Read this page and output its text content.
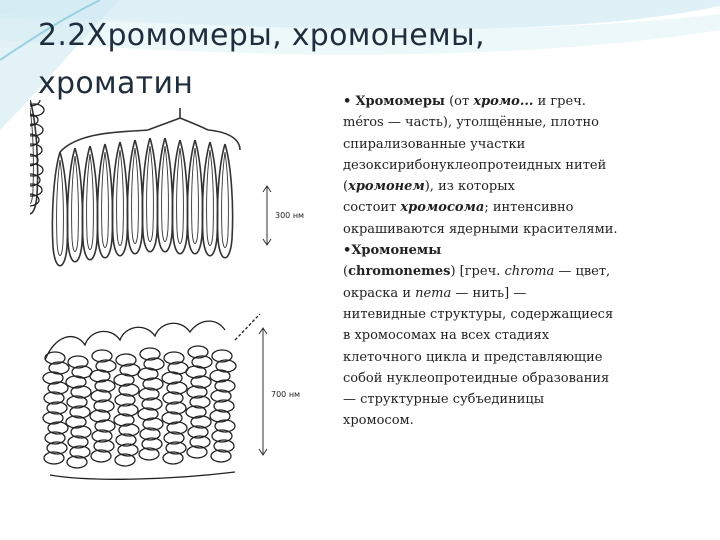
2.2Хромомеры, хромонемы,
хроматин
300 нм
700 нм

• Хромомеры (от хромо... и греч.
méros — часть), утолщённые, плотно
спирализованные участки
дезоксирибонуклеопротеидных нитей
(хромонем), из которых
состоит хромосома; интенсивно
окрашиваются ядерными красителями.

•Хромонемы
(chromonemes) [греч. chroma — цвет,
окраска и nema — нить] —
нитевидные структуры, содержащиеся
в хромосомах на всех стадиях
клеточного цикла и представляющие
собой нуклеопротеидные образования
— структурные субъединицы
хромосом.
